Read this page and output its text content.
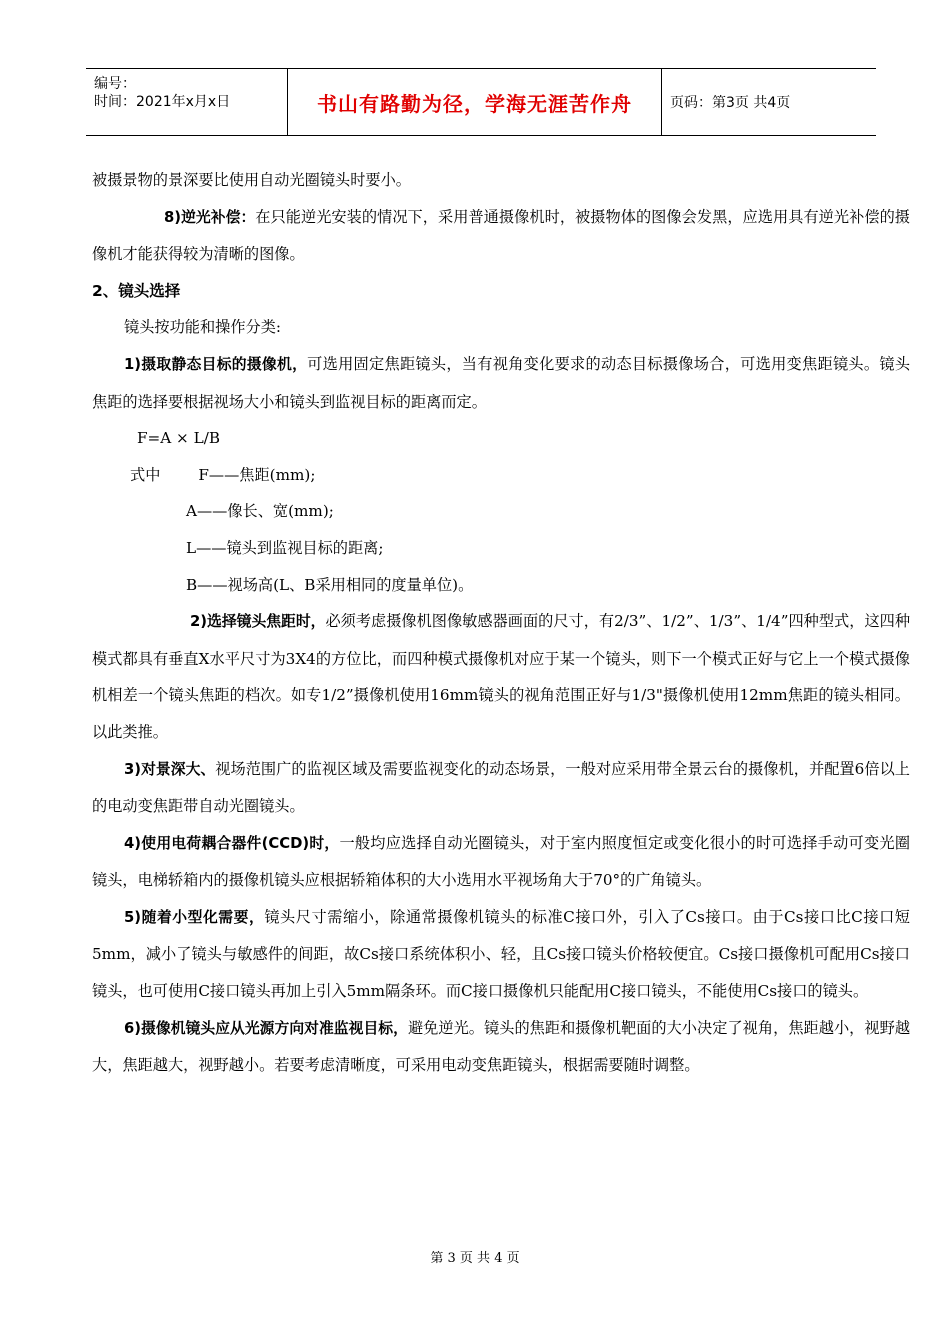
编号：
时间：2021年x月x日	书山有路勤为径，学海无涯苦作舟	页码：第3页 共4页

被摄景物的景深要比使用自动光圈镜头时要小。

8)逆光补偿：在只能逆光安装的情况下，采用普通摄像机时，被摄物体的图像会发黑，应选用具有逆光补偿的摄像机才能获得较为清晰的图像。

2、镜头选择

镜头按功能和操作分类:

1)摄取静态目标的摄像机，可选用固定焦距镜头，当有视角变化要求的动态目标摄像场合，可选用变焦距镜头。镜头焦距的选择要根据视场大小和镜头到监视目标的距离而定。

F=A × L/B

式中	F——焦距(mm);

A——像长、宽(mm);

L——镜头到监视目标的距离;

B——视场高(L、B采用相同的度量单位)。

2)选择镜头焦距时，必须考虑摄像机图像敏感器画面的尺寸，有2/3”、1/2”、1/3”、1/4”四种型式，这四种模式都具有垂直X水平尺寸为3X4的方位比，而四种模式摄像机对应于某一个镜头，则下一个模式正好与它上一个模式摄像机相差一个镜头焦距的档次。如专1/2”摄像机使用16mm镜头的视角范围正好与1/3"摄像机使用12mm焦距的镜头相同。以此类推。

3)对景深大、视场范围广的监视区域及需要监视变化的动态场景，一般对应采用带全景云台的摄像机，并配置6倍以上的电动变焦距带自动光圈镜头。

4)使用电荷耦合器件(CCD)时，一般均应选择自动光圈镜头，对于室内照度恒定或变化很小的时可选择手动可变光圈镜头，电梯轿箱内的摄像机镜头应根据轿箱体积的大小选用水平视场角大于70°的广角镜头。

5)随着小型化需要，镜头尺寸需缩小，除通常摄像机镜头的标准C接口外，引入了Cs接口。由于Cs接口比C接口短5mm，减小了镜头与敏感件的间距，故Cs接口系统体积小、轻，且Cs接口镜头价格较便宜。Cs接口摄像机可配用Cs接口镜头，也可使用C接口镜头再加上引入5mm隔条环。而C接口摄像机只能配用C接口镜头，不能使用Cs接口的镜头。

6)摄像机镜头应从光源方向对准监视目标，避免逆光。镜头的焦距和摄像机靶面的大小决定了视角，焦距越小，视野越大，焦距越大，视野越小。若要考虑清晰度，可采用电动变焦距镜头，根据需要随时调整。

第 3 页 共 4 页
